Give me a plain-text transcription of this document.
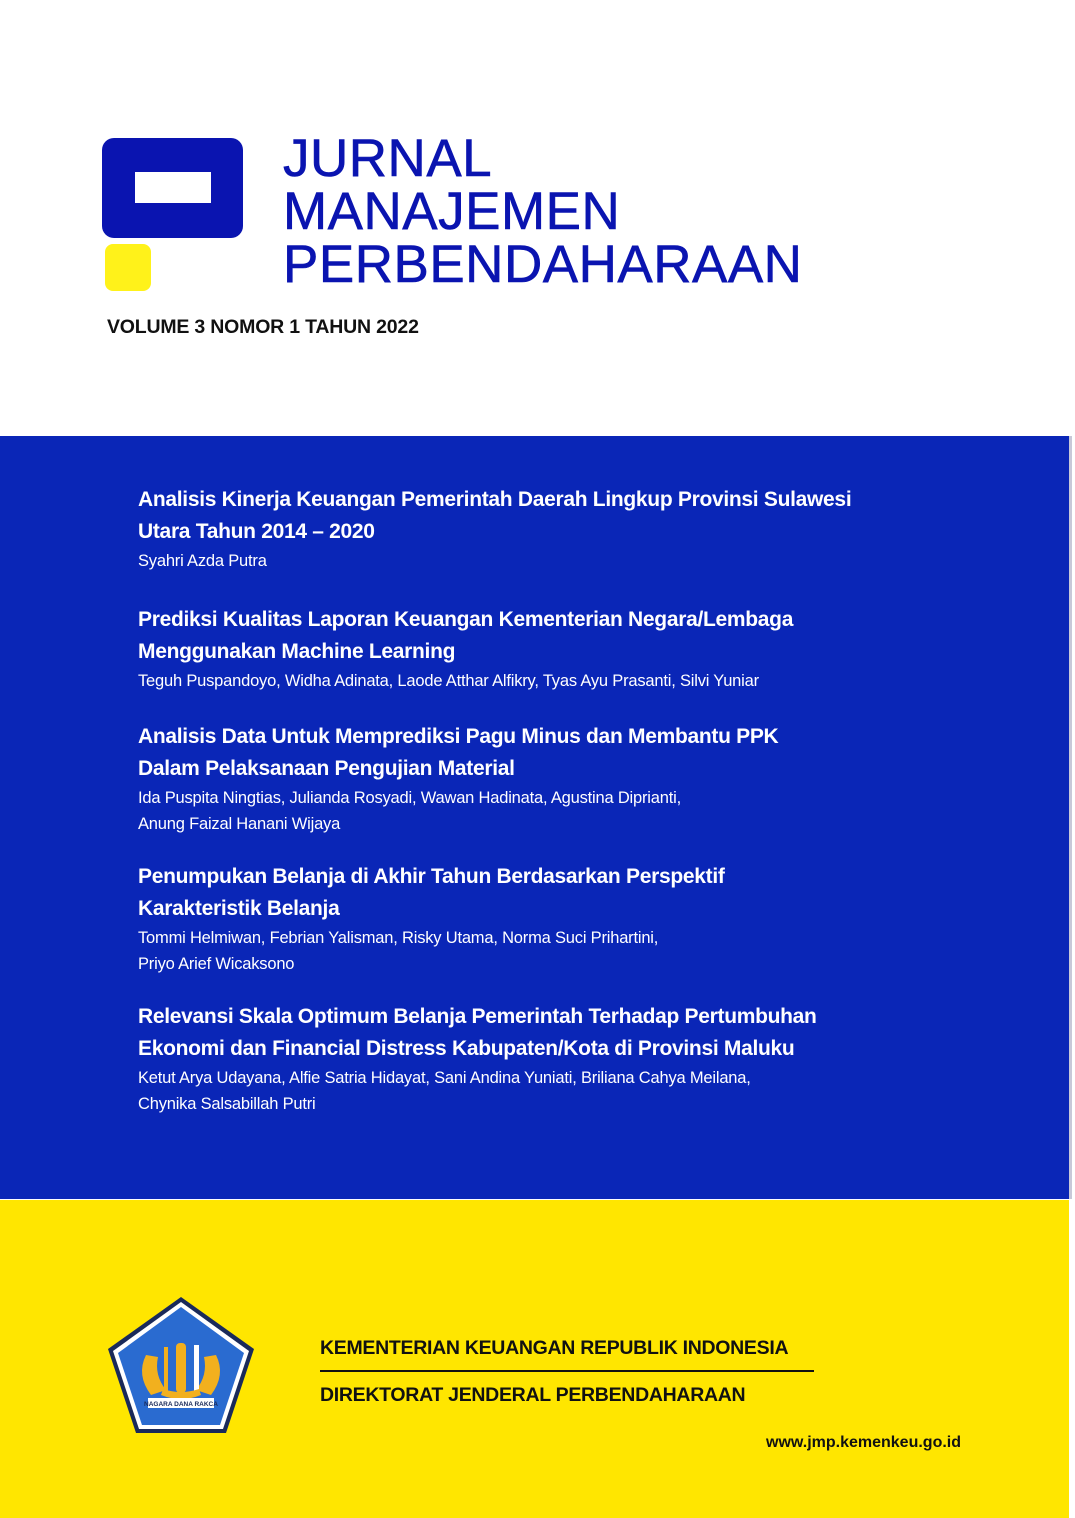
JURNAL
MANAJEMEN
PERBENDAHARAAN
VOLUME 3 NOMOR 1 TAHUN 2022
Analisis Kinerja Keuangan Pemerintah Daerah Lingkup Provinsi Sulawesi
Utara Tahun 2014 – 2020
Syahri Azda Putra
Prediksi Kualitas Laporan Keuangan Kementerian Negara/Lembaga
Menggunakan Machine Learning
Teguh Puspandoyo, Widha Adinata, Laode Atthar Alfikry, Tyas Ayu Prasanti, Silvi Yuniar
Analisis Data Untuk Memprediksi Pagu Minus dan Membantu PPK
Dalam Pelaksanaan Pengujian Material
Ida Puspita Ningtias, Julianda Rosyadi, Wawan Hadinata, Agustina Diprianti,
Anung Faizal Hanani Wijaya
Penumpukan Belanja di Akhir Tahun Berdasarkan Perspektif
Karakteristik Belanja
Tommi Helmiwan, Febrian Yalisman, Risky Utama, Norma Suci Prihartini,
Priyo Arief Wicaksono
Relevansi Skala Optimum Belanja Pemerintah Terhadap Pertumbuhan
Ekonomi dan Financial Distress Kabupaten/Kota di Provinsi Maluku
Ketut Arya Udayana, Alfie Satria Hidayat, Sani Andina Yuniati, Briliana Cahya Meilana,
Chynika Salsabillah Putri
NAGARA DANA RAKCA
KEMENTERIAN KEUANGAN REPUBLIK INDONESIA
DIREKTORAT JENDERAL PERBENDAHARAAN
www.jmp.kemenkeu.go.id
